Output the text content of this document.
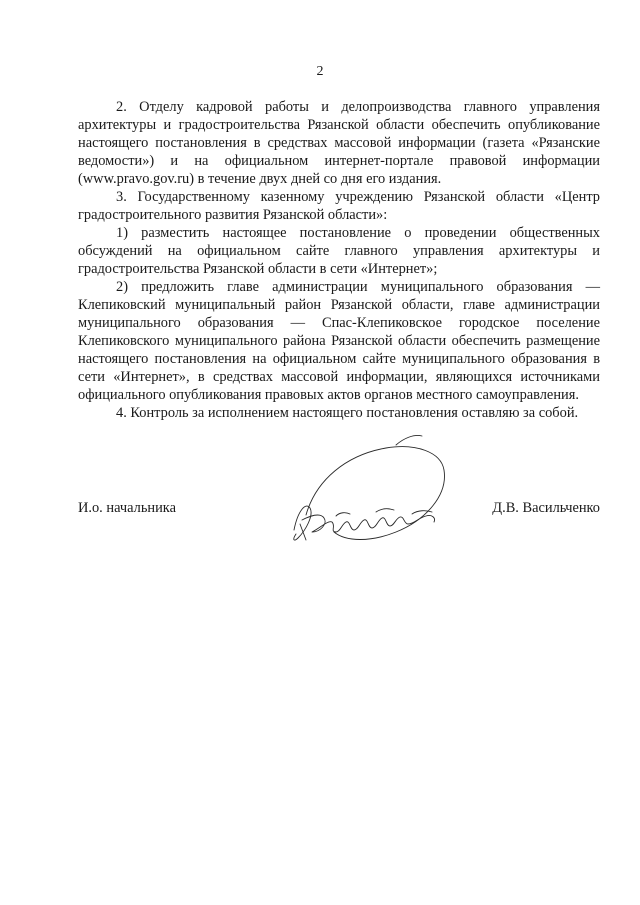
2

2. Отделу кадровой работы и делопроизводства главного управления архитектуры и градостроительства Рязанской области обеспечить опубликование настоящего постановления в средствах массовой информации (газета «Рязанские ведомости») и на официальном интернет-портале правовой информации (www.pravo.gov.ru) в течение двух дней со дня его издания.

3. Государственному казенному учреждению Рязанской области «Центр градостроительного развития Рязанской области»:

1) разместить настоящее постановление о проведении общественных обсуждений на официальном сайте главного управления архитектуры и градостроительства Рязанской области в сети «Интернет»;

2) предложить главе администрации муниципального образования — Клепиковский муниципальный район Рязанской области, главе администрации муниципального образования — Спас-Клепиковское городское поселение Клепиковского муниципального района Рязанской области обеспечить размещение настоящего постановления на официальном сайте муниципального образования в сети «Интернет», в средствах массовой информации, являющихся источниками официального опубликования правовых актов органов местного самоуправления.

4. Контроль за исполнением настоящего постановления оставляю за собой.

И.о. начальника	Д.В. Васильченко
